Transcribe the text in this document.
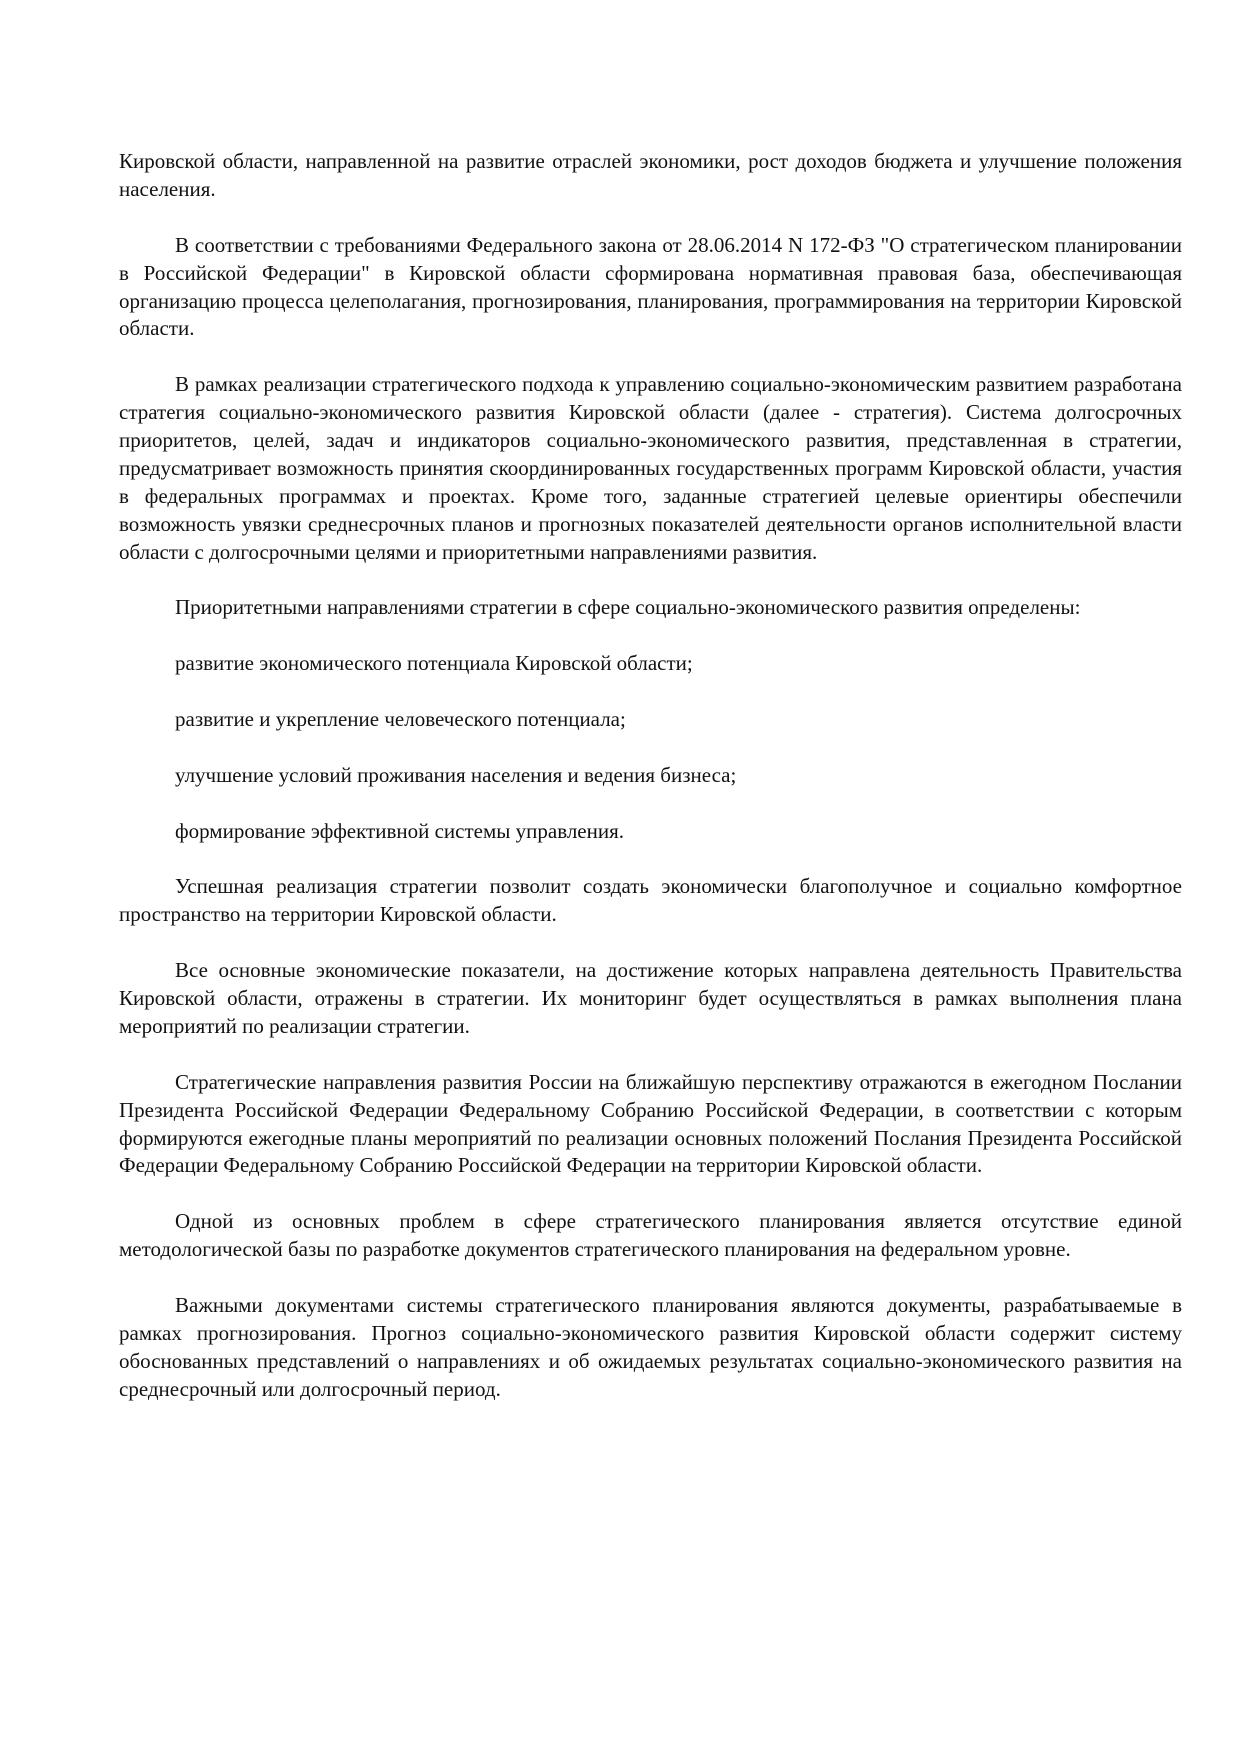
Кировской области, направленной на развитие отраслей экономики, рост доходов бюджета и улучшение положения населения.

В соответствии с требованиями Федерального закона от 28.06.2014 N 172-ФЗ "О стратегическом планировании в Российской Федерации" в Кировской области сформирована нормативная правовая база, обеспечивающая организацию процесса целеполагания, прогнозирования, планирования, программирования на территории Кировской области.

В рамках реализации стратегического подхода к управлению социально-экономическим развитием разработана стратегия социально-экономического развития Кировской области (далее - стратегия). Система долгосрочных приоритетов, целей, задач и индикаторов социально-экономического развития, представленная в стратегии, предусматривает возможность принятия скоординированных государственных программ Кировской области, участия в федеральных программах и проектах. Кроме того, заданные стратегией целевые ориентиры обеспечили возможность увязки среднесрочных планов и прогнозных показателей деятельности органов исполнительной власти области с долгосрочными целями и приоритетными направлениями развития.

Приоритетными направлениями стратегии в сфере социально-экономического развития определены:

развитие экономического потенциала Кировской области;

развитие и укрепление человеческого потенциала;

улучшение условий проживания населения и ведения бизнеса;

формирование эффективной системы управления.

Успешная реализация стратегии позволит создать экономически благополучное и социально комфортное пространство на территории Кировской области.

Все основные экономические показатели, на достижение которых направлена деятельность Правительства Кировской области, отражены в стратегии. Их мониторинг будет осуществляться в рамках выполнения плана мероприятий по реализации стратегии.

Стратегические направления развития России на ближайшую перспективу отражаются в ежегодном Послании Президента Российской Федерации Федеральному Собранию Российской Федерации, в соответствии с которым формируются ежегодные планы мероприятий по реализации основных положений Послания Президента Российской Федерации Федеральному Собранию Российской Федерации на территории Кировской области.

Одной из основных проблем в сфере стратегического планирования является отсутствие единой методологической базы по разработке документов стратегического планирования на федеральном уровне.

Важными документами системы стратегического планирования являются документы, разрабатываемые в рамках прогнозирования. Прогноз социально-экономического развития Кировской области содержит систему обоснованных представлений о направлениях и об ожидаемых результатах социально-экономического развития на среднесрочный или долгосрочный период.
